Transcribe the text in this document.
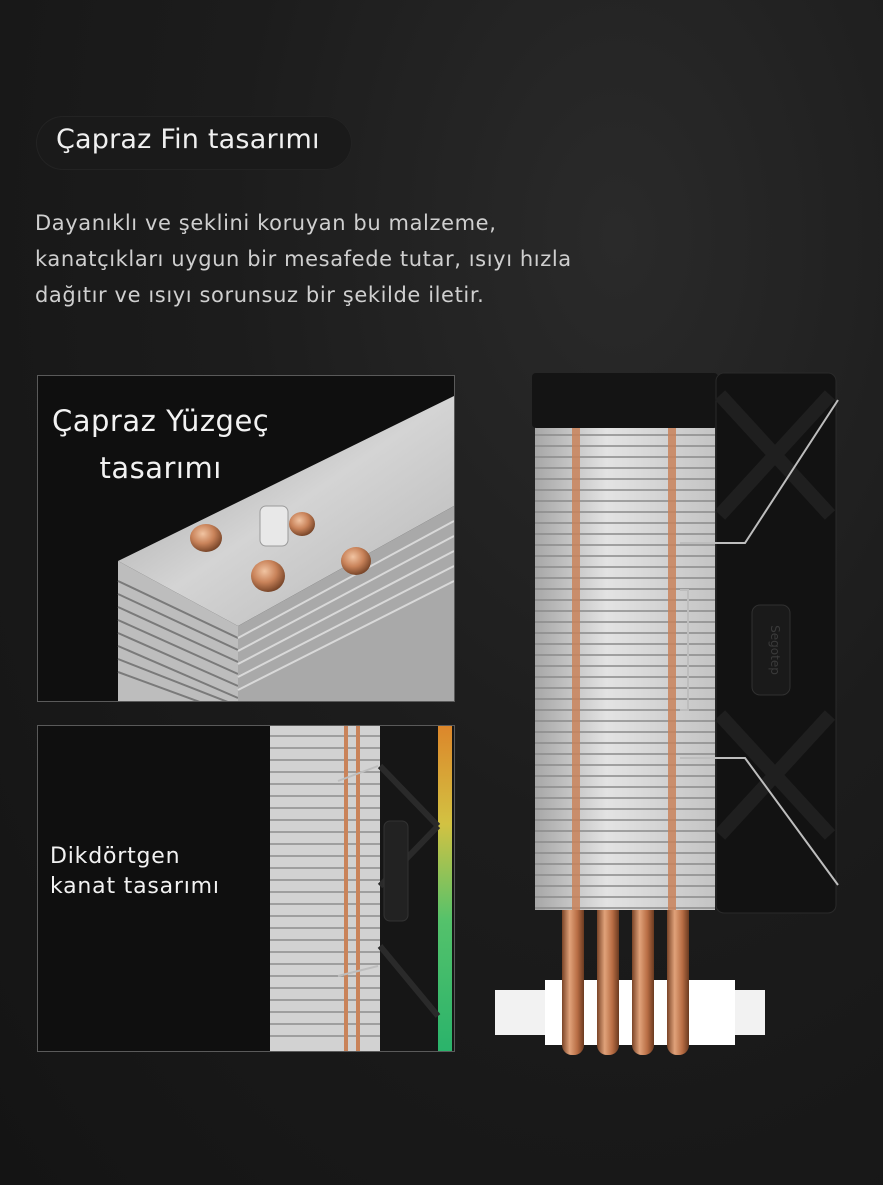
Çapraz Fin tasarımı
Dayanıklı ve şeklini koruyan bu malzeme,
kanatçıkları uygun bir mesafede tutar, ısıyı hızla
dağıtır ve ısıyı sorunsuz bir şekilde iletir.
Çapraz Yüzgeç
tasarımı
Dikdörtgen
kanat tasarımı
Segotep
